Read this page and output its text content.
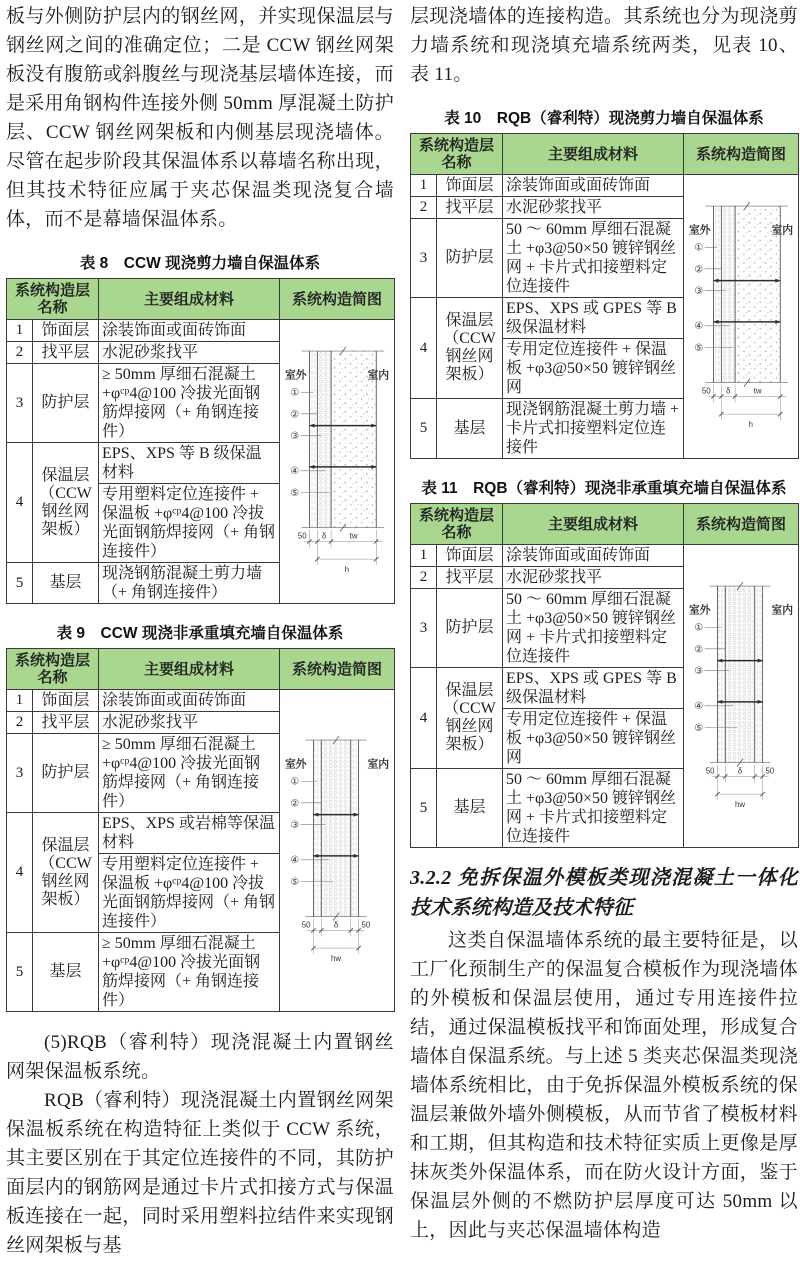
板与外侧防护层内的钢丝网，并实现保温层与钢丝网之间的准确定位；二是 CCW 钢丝网架板没有腹筋或斜腹丝与现浇基层墙体连接，而是采用角钢构件连接外侧 50mm 厚混凝土防护层、CCW 钢丝网架板和内侧基层现浇墙体。尽管在起步阶段其保温体系以幕墙名称出现，但其技术特征应属于夹芯保温类现浇复合墙体，而不是幕墙保温体系。

表 8　CCW 现浇剪力墙自保温体系
系统构造层名称		主要组成材料	系统构造简图
1	饰面层	涂装饰面或面砖饰面	
室外	室内
①
②
③
④
⑤
50 δ	tw
h

2	找平层	水泥砂浆找平	
3	防护层	≥ 50mm 厚细石混凝土 +φᶜᵖ4@100 冷拔光面钢筋焊接网（+ 角钢连接件）	
4	保温层（CCW 钢丝网架板）	EPS、XPS 等 B 级保温材料	
		专用塑料定位连接件 + 保温板 +φᶜᵖ4@100 冷拔光面钢筋焊接网（+ 角钢连接件）	
5	基层	现浇钢筋混凝土剪力墙（+ 角钢连接件）	
表 9　CCW 现浇非承重填充墙自保温体系
系统构造层名称		主要组成材料	系统构造简图
1	饰面层	涂装饰面或面砖饰面	
室外	室内
①
②
③
④
⑤
50	δ	50
hw

2	找平层	水泥砂浆找平	
3	防护层	≥ 50mm 厚细石混凝土 +φᶜᵖ4@100 冷拔光面钢筋焊接网（+ 角钢连接件）	
4	保温层（CCW 钢丝网架板）	EPS、XPS 或岩棉等保温材料	
		专用塑料定位连接件 + 保温板 +φᶜᵖ4@100 冷拔光面钢筋焊接网（+ 角钢连接件）	
5	基层	≥ 50mm 厚细石混凝土 +φᶜᵖ4@100 冷拔光面钢筋焊接网（+ 角钢连接件）	

(5)RQB（睿利特）现浇混凝土内置钢丝网架保温板系统。

RQB（睿利特）现浇混凝土内置钢丝网架保温板系统在构造特征上类似于 CCW 系统，其主要区别在于其定位连接件的不同，其防护面层内的钢筋网是通过卡片式扣接方式与保温板连接在一起，同时采用塑料拉结件来实现钢丝网架板与基

层现浇墙体的连接构造。其系统也分为现浇剪力墙系统和现浇填充墙系统两类，见表 10、表 11。

表 10　RQB（睿利特）现浇剪力墙自保温体系
系统构造层名称		主要组成材料	系统构造简图
1	饰面层	涂装饰面或面砖饰面	
室外	室内
①
②
③
④
⑤
50 δ	tw
h

2	找平层	水泥砂浆找平	
3	防护层	50 ～ 60mm 厚细石混凝土 +φ3@50×50 镀锌钢丝网 + 卡片式扣接塑料定位连接件	
4	保温层（CCW 钢丝网架板）	EPS、XPS 或 GPES 等 B 级保温材料	
		专用定位连接件 + 保温板 +φ3@50×50 镀锌钢丝网	
5	基层	现浇钢筋混凝土剪力墙 + 卡片式扣接塑料定位连接件	
表 11　RQB（睿利特）现浇非承重填充墙自保温体系
系统构造层名称		主要组成材料	系统构造简图
1	饰面层	涂装饰面或面砖饰面	
室外	室内
①
②
③
④
⑤
50	δ	50
hw

2	找平层	水泥砂浆找平	
3	防护层	50 ～ 60mm 厚细石混凝土 +φ3@50×50 镀锌钢丝网 + 卡片式扣接塑料定位连接件	
4	保温层（CCW 钢丝网架板）	EPS、XPS 或 GPES 等 B 级保温材料	
		专用定位连接件 + 保温板 +φ3@50×50 镀锌钢丝网	
5	基层	50 ～ 60mm 厚细石混凝土 +φ3@50×50 镀锌钢丝网 + 卡片式扣接塑料定位连接件	
3.2.2 免拆保温外模板类现浇混凝土一体化技术系统构造及技术特征

这类自保温墙体系统的最主要特征是，以工厂化预制生产的保温复合模板作为现浇墙体的外模板和保温层使用，通过专用连接件拉结，通过保温模板找平和饰面处理，形成复合墙体自保温系统。与上述 5 类夹芯保温类现浇墙体系统相比，由于免拆保温外模板系统的保温层兼做外墙外侧模板，从而节省了模板材料和工期，但其构造和技术特征实质上更像是厚抹灰类外保温体系，而在防火设计方面，鉴于保温层外侧的不燃防护层厚度可达 50mm 以上，因此与夹芯保温墙体构造
